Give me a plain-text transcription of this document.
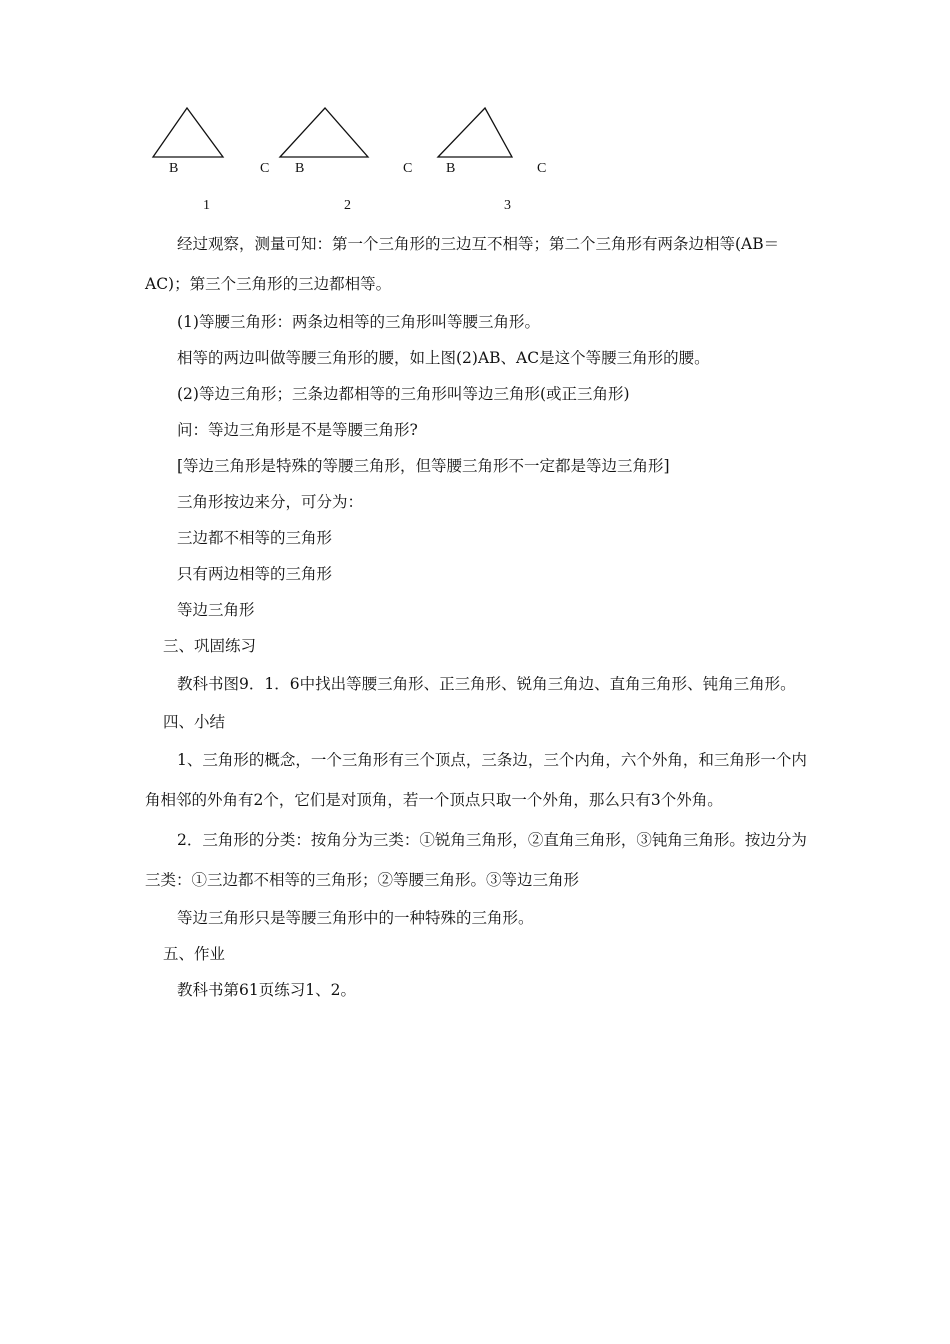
B	C B	C B	C
1	2	3

经过观察，测量可知：第一个三角形的三边互不相等；第二个三角形有两条边相等(AB＝AC)；第三个三角形的三边都相等。

(1)等腰三角形：两条边相等的三角形叫等腰三角形。

相等的两边叫做等腰三角形的腰，如上图(2)AB、AC是这个等腰三角形的腰。

(2)等边三角形；三条边都相等的三角形叫等边三角形(或正三角形)

问：等边三角形是不是等腰三角形?

[等边三角形是特殊的等腰三角形，但等腰三角形不一定都是等边三角形]

三角形按边来分，可分为：

三边都不相等的三角形

只有两边相等的三角形

等边三角形

三、巩固练习

教科书图9．1．6中找出等腰三角形、正三角形、锐角三角边、直角三角形、钝角三角形。

四、小结

1、三角形的概念，一个三角形有三个顶点，三条边，三个内角，六个外角，和三角形一个内角相邻的外角有2个，它们是对顶角，若一个顶点只取一个外角，那么只有3个外角。

2．三角形的分类：按角分为三类：①锐角三角形，②直角三角形，③钝角三角形。按边分为三类：①三边都不相等的三角形；②等腰三角形。③等边三角形

等边三角形只是等腰三角形中的一种特殊的三角形。

五、作业

教科书第61页练习1、2。
